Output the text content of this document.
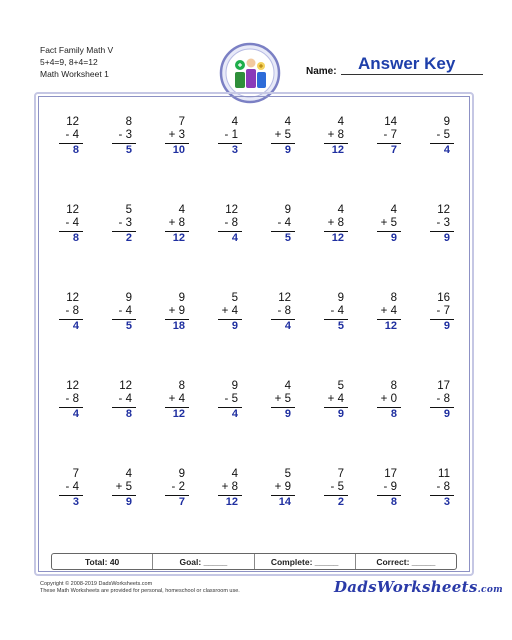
Fact Family Math V
5+4=9, 8+4=12
Math Worksheet 1	Name: Answer Key
12
- 4
8
8
- 3
5
7
+ 3
10
4
- 1
3
4
+ 5
9
4
+ 8
12
14
- 7
7
9
- 5
4
12
- 4
8
5
- 3
2
4
+ 8
12
12
- 8
4
9
- 4
5
4
+ 8
12
4
+ 5
9
12
- 3
9
12
- 8
4
9
- 4
5
9
+ 9
18
5
+ 4
9
12
- 8
4
9
- 4
5
8
+ 4
12
16
- 7
9
12
- 8
4
12
- 4
8
8
+ 4
12
9
- 5
4
4
+ 5
9
5
+ 4
9
8
+ 0
8
17
- 8
9
7
- 4
3
4
+ 5
9
9
- 2
7
4
+ 8
12
5
+ 9
14
7
- 5
2
17
- 9
8
11
- 8
3
Total: 40	Goal: _____	Complete: _____	Correct: _____
Copyright © 2008-2019 DadsWorksheets.com
These Math Worksheets are provided for personal, homeschool or classroom use.	DadsWorksheets.com
